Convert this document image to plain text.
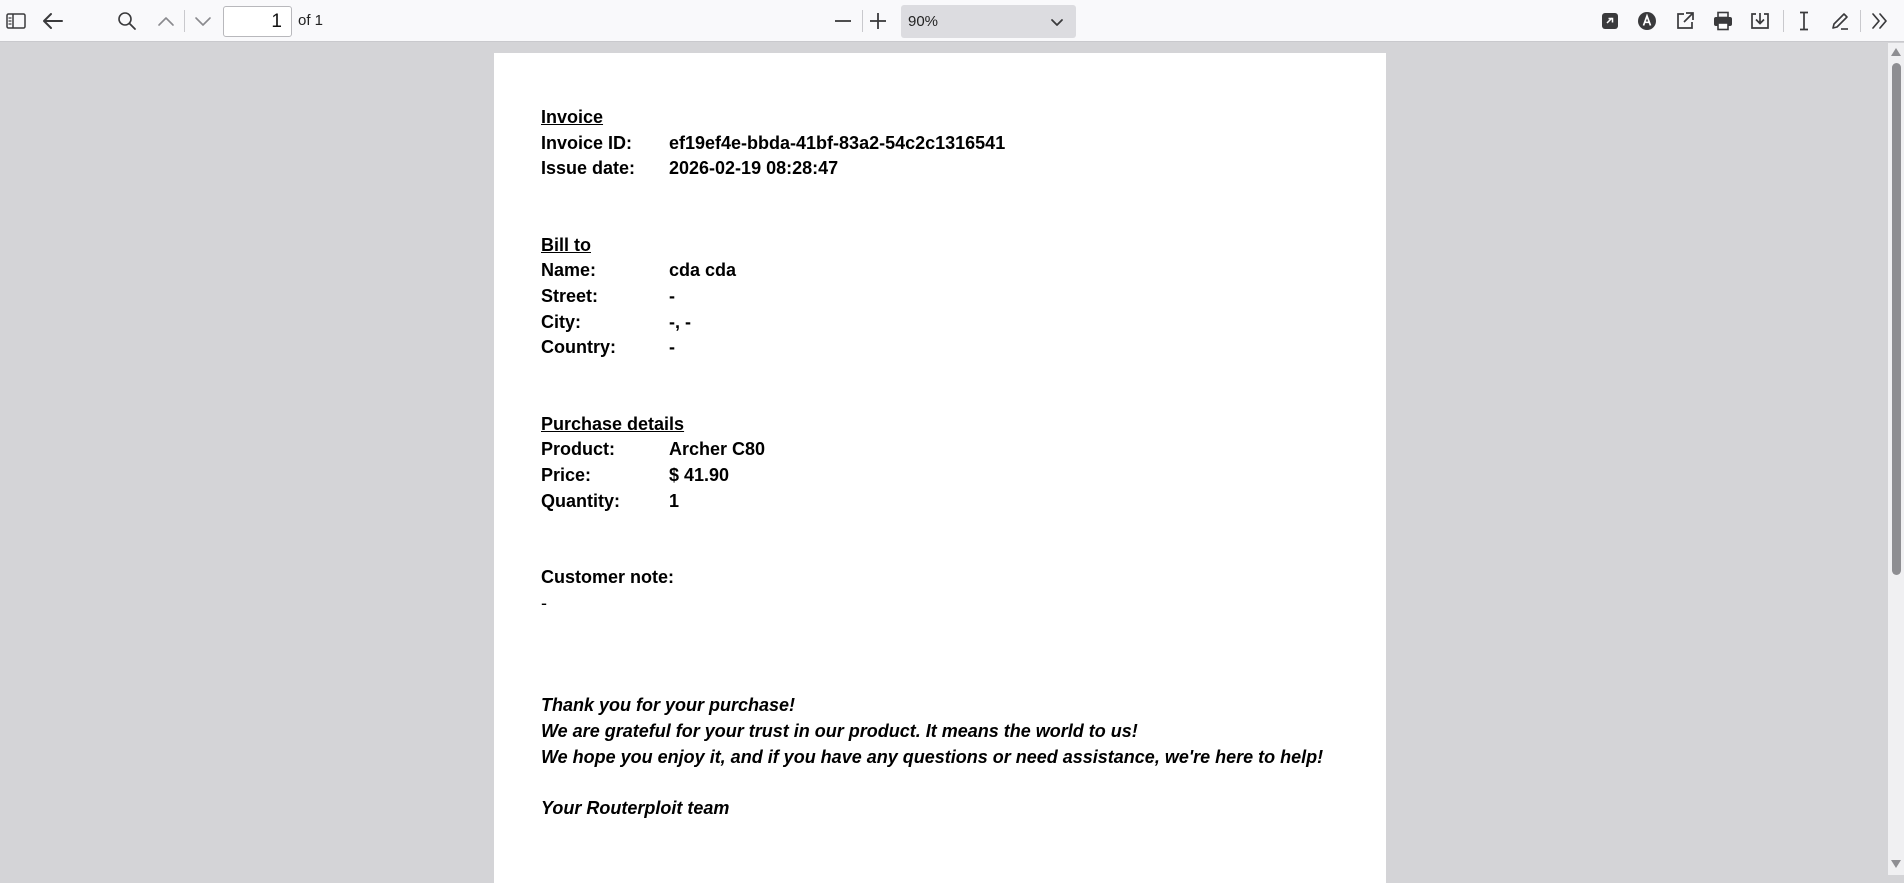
1
of 1	90%
Invoice
Invoice ID:	ef19ef4e-bbda-41bf-83a2-54c2c1316541
Issue date:	2026-02-19 08:28:47
Bill to
Name:	cda cda
Street:	-
City:	-, -
Country:	-
Purchase details
Product:	Archer C80
Price:	$ 41.90
Quantity:	1
Customer note:
-
Thank you for your purchase!
We are grateful for your trust in our product. It means the world to us!
We hope you enjoy it, and if you have any questions or need assistance, we're here to help!
Your Routerploit team
